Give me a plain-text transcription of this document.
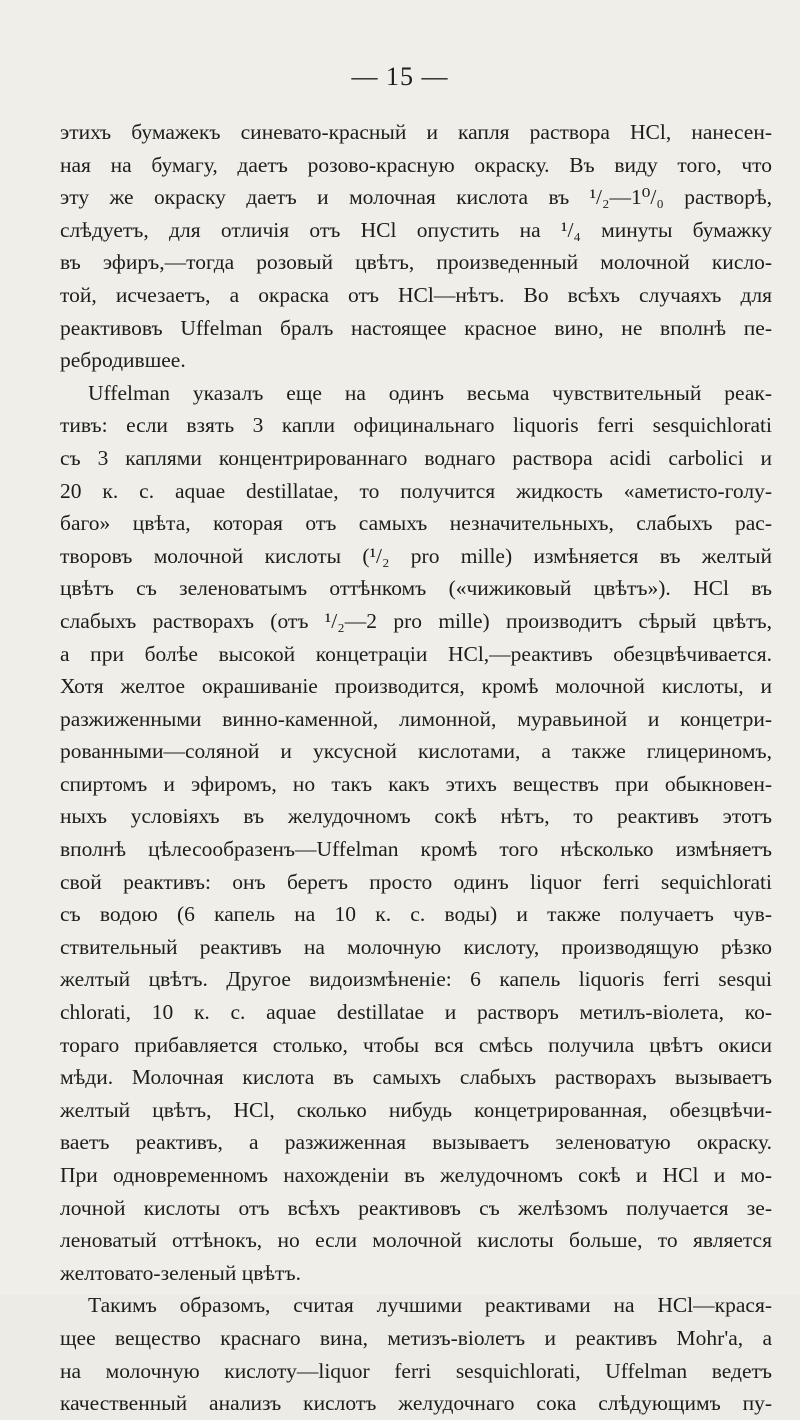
— 15 —
этихъ бумажекъ синевато-красный и капля раствора HCl, нанесен-
ная на бумагу, даетъ розово-красную окраску. Въ виду того, что
эту же окраску даетъ и молочная кислота въ ¹/₂—1⁰/₀ растворѣ,
слѣдуетъ, для отличія отъ HCl опустить на ¹/₄ минуты бумажку
въ эфиръ,—тогда розовый цвѣтъ, произведенный молочной кисло-
той, исчезаетъ, а окраска отъ HCl—нѣтъ. Во всѣхъ случаяхъ для
реактивовъ Uffelman бралъ настоящее красное вино, не вполнѣ пе-
ребродившее.
Uffelman указалъ еще на одинъ весьма чувствительный реак-
тивъ: если взять 3 капли официнальнаго liquoris ferri sesquichlorati
съ 3 каплями концентрированнаго воднаго раствора acidi carbolici и
20 к. с. aquae destillatae, то получится жидкость «аметисто-голу-
баго» цвѣта, которая отъ самыхъ незначительныхъ, слабыхъ рас-
творовъ молочной кислоты (¹/₂ pro mille) измѣняется въ желтый
цвѣтъ съ зеленоватымъ оттѣнкомъ («чижиковый цвѣтъ»). HCl въ
слабыхъ растворахъ (отъ ¹/₂—2 pro mille) производитъ сѣрый цвѣтъ,
а при болѣе высокой концетраціи HCl,—реактивъ обезцвѣчивается.
Хотя желтое окрашиваніе производится, кромѣ молочной кислоты, и
разжиженными винно-каменной, лимонной, муравьиной и концетри-
рованными—соляной и уксусной кислотами, а также глицериномъ,
спиртомъ и эфиромъ, но такъ какъ этихъ веществъ при обыкновен-
ныхъ условіяхъ въ желудочномъ сокѣ нѣтъ, то реактивъ этотъ
вполнѣ цѣлесообразенъ—Uffelman кромѣ того нѣсколько измѣняетъ
свой реактивъ: онъ беретъ просто одинъ liquor ferri sequichlorati
съ водою (6 капель на 10 к. с. воды) и также получаетъ чув-
ствительный реактивъ на молочную кислоту, производящую рѣзко
желтый цвѣтъ. Другое видоизмѣненіе: 6 капель liquoris ferri sesqui
chlorati, 10 к. с. aquae destillatae и растворъ метилъ-віолета, ко-
тораго прибавляется столько, чтобы вся смѣсь получила цвѣтъ окиси
мѣди. Молочная кислота въ самыхъ слабыхъ растворахъ вызываетъ
желтый цвѣтъ, HCl, сколько нибудь концетрированная, обезцвѣчи-
ваетъ реактивъ, а разжиженная вызываетъ зеленоватую окраску.
При одновременномъ нахожденіи въ желудочномъ сокѣ и HCl и мо-
лочной кислоты отъ всѣхъ реактивовъ съ желѣзомъ получается зе-
леноватый оттѣнокъ, но если молочной кислоты больше, то является
желтовато-зеленый цвѣтъ.
Такимъ образомъ, считая лучшими реактивами на HCl—крася-
щее вещество краснаго вина, метизъ-віолетъ и реактивъ Mohr'а, а
на молочную кислоту—liquor ferri sesquichlorati, Uffelman ведетъ
качественный анализъ кислотъ желудочнаго сока слѣдующимъ пу-
